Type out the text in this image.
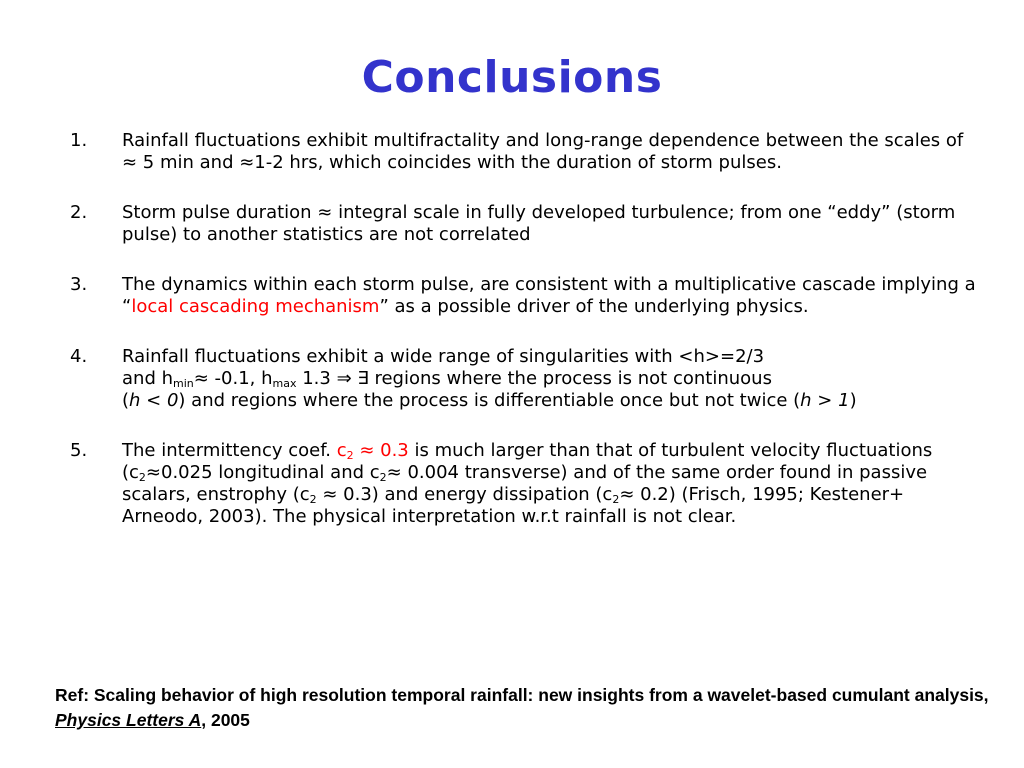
Conclusions
1. Rainfall fluctuations exhibit multifractality and long-range dependence between the scales of ≈ 5 min and ≈1-2 hrs, which coincides with the duration of storm pulses.

2. Storm pulse duration ≈ integral scale in fully developed turbulence; from one “eddy” (storm pulse) to another statistics are not correlated

3. The dynamics within each storm pulse, are consistent with a multiplicative cascade implying a “local cascading mechanism” as a possible driver of the underlying physics.

4. Rainfall fluctuations exhibit a wide range of singularities with <h>=2/3
and $h_{min}\approx -0.1$, $h_{max}$ 1.3 ⇒ ∃ regions where the process is not continuous

(h < 0) and regions where the process is differentiable once but not twice (h > 1)

5. The intermittency coef. $c_2 \approx 0.3$ is much larger than that of turbulent velocity fluctuations ($c_2\approx 0.025$ longitudinal and $c_2\approx 0.004$ transverse) and of the same order found in passive scalars, enstrophy $(c_2 \approx 0.3)$ and energy dissipation $(c_2\approx 0.2)$ (Frisch, 1995; Kestener+ Arneodo, 2003). The physical interpretation w.r.t rainfall is not clear.

Ref: Scaling behavior of high resolution temporal rainfall: new insights from a wavelet-based cumulant analysis, Physics Letters A, 2005
